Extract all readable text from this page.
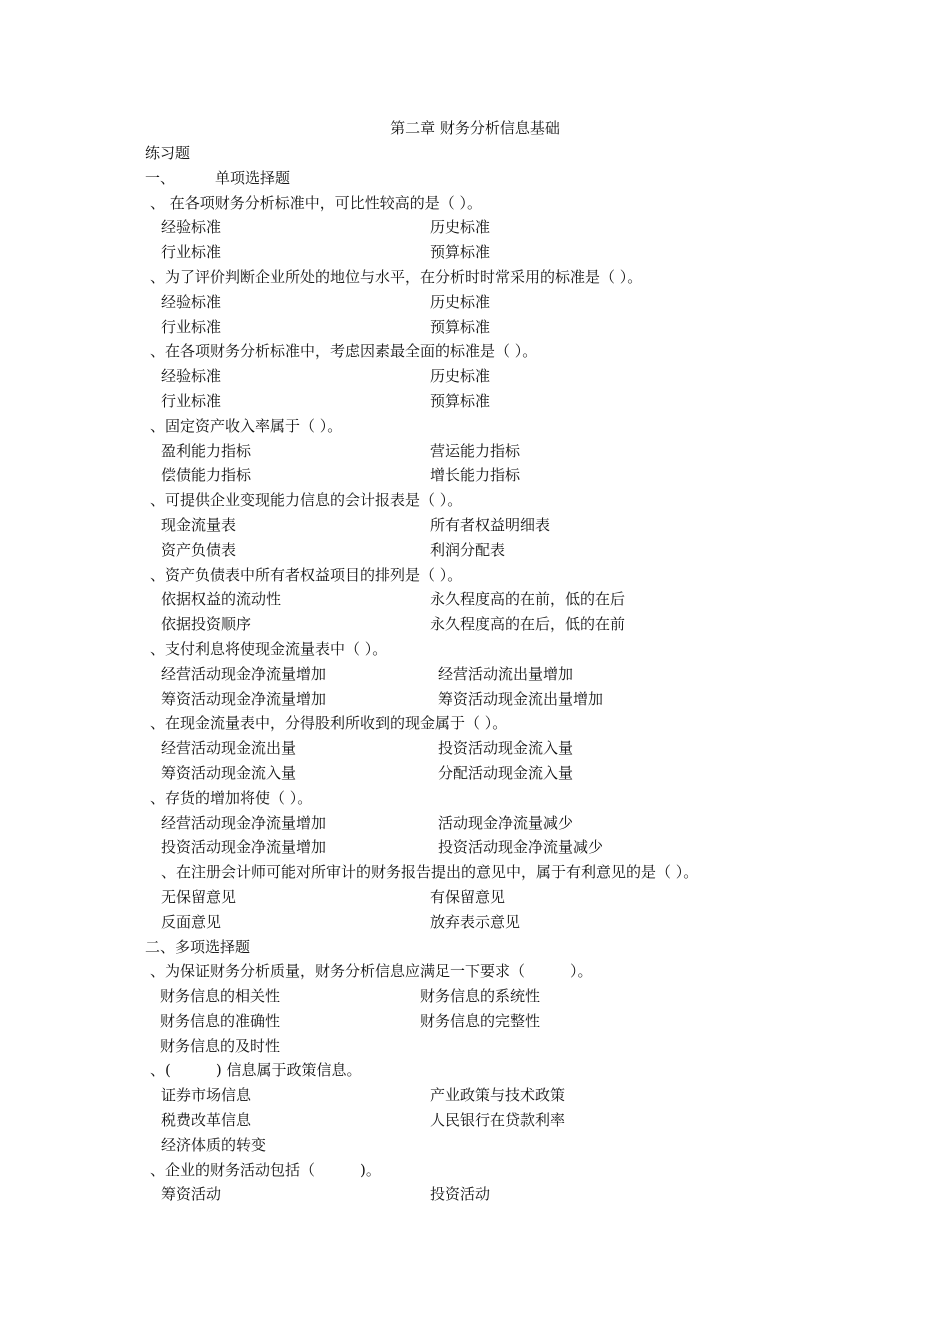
第二章 财务分析信息基础
练习题
一、	单项选择题
、 在各项财务分析标准中，可比性较高的是（ ）。
经验标准	历史标准
行业标准	预算标准
、为了评价判断企业所处的地位与水平，在分析时时常采用的标准是（ ）。
经验标准	历史标准
行业标准	预算标准
、在各项财务分析标准中，考虑因素最全面的标准是（ ）。
经验标准	历史标准
行业标准	预算标准
、固定资产收入率属于（ ）。
盈利能力指标	营运能力指标
偿债能力指标	增长能力指标
、可提供企业变现能力信息的会计报表是（ ）。
现金流量表	所有者权益明细表
资产负债表	利润分配表
、资产负债表中所有者权益项目的排列是（ ）。
依据权益的流动性	永久程度高的在前，低的在后
依据投资顺序	永久程度高的在后，低的在前
、支付利息将使现金流量表中（ ）。
经营活动现金净流量增加	经营活动流出量增加
筹资活动现金净流量增加	筹资活动现金流出量增加
、在现金流量表中，分得股利所收到的现金属于（ ）。
经营活动现金流出量	投资活动现金流入量
筹资活动现金流入量	分配活动现金流入量
、存货的增加将使（ ）。
经营活动现金净流量增加	活动现金净流量减少
投资活动现金净流量增加	投资活动现金净流量减少
、在注册会计师可能对所审计的财务报告提出的意见中，属于有利意见的是（ ）。
无保留意见	有保留意见
反面意见	放弃表示意见
二、多项选择题
、为保证财务分析质量，财务分析信息应满足一下要求（　　　）。
财务信息的相关性	财务信息的系统性
财务信息的准确性	财务信息的完整性
财务信息的及时性
、(　　　) 信息属于政策信息。
证券市场信息	产业政策与技术政策
税费改革信息	人民银行在贷款利率
经济体质的转变
、企业的财务活动包括（　　　)。
筹资活动	投资活动
